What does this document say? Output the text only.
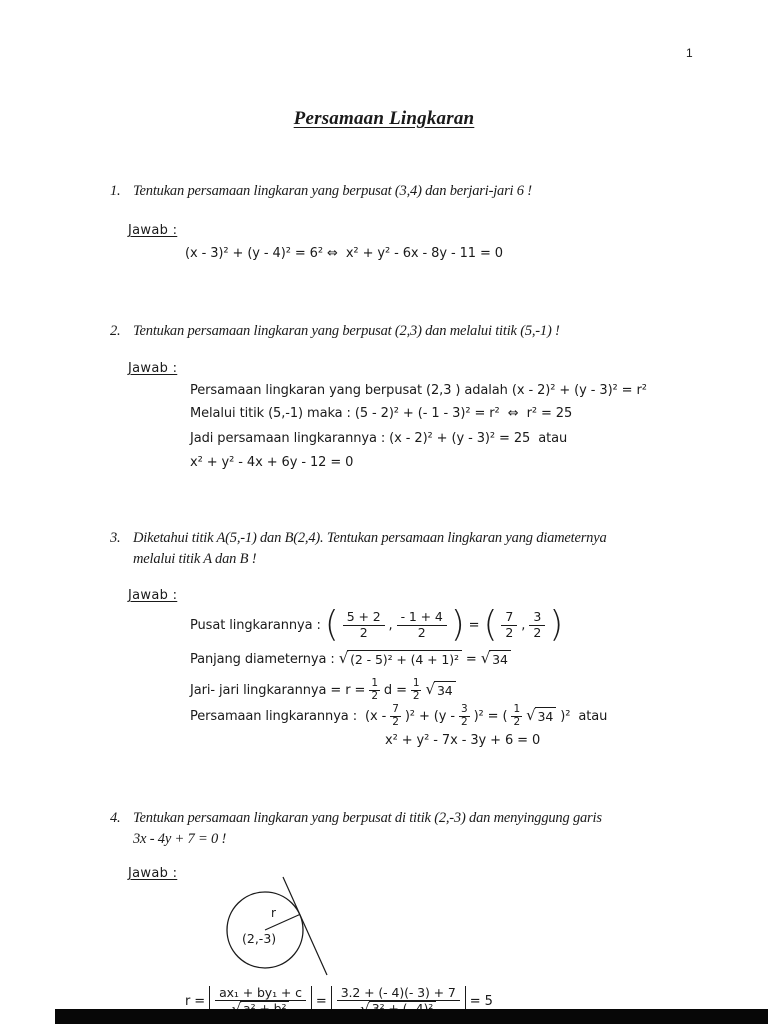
1
Persamaan Lingkaran
1. Tentukan persamaan lingkaran yang berpusat (3,4) dan berjari-jari 6 !
Jawab :
(x - 3)² + (y - 4)² = 6² ⇔  x² + y² - 6x - 8y - 11 = 0
2. Tentukan persamaan lingkaran yang berpusat (2,3) dan melalui titik (5,-1) !
Jawab :
Persamaan lingkaran yang berpusat (2,3 ) adalah (x - 2)² + (y - 3)² = r²
Melalui titik (5,-1) maka : (5 - 2)² + (- 1 - 3)² = r²  ⇔  r² = 25
Jadi persamaan lingkarannya : (x - 2)² + (y - 3)² = 25  atau
x² + y² - 4x + 6y - 12 = 0
3. Diketahui titik A(5,-1) dan B(2,4). Tentukan persamaan lingkaran yang diameternya
melalui titik A dan B !
Jawab :
Pusat lingkarannya : ( $\frac{5 + 2}{2}$ , $\frac{- 1 + 4}{2}$ ) = ( $\frac{7}{2}$ , $\frac{3}{2}$ )
Panjang diameternya : √ (2 - 5)² + (4 + 1)² = √ 34
Jari- jari lingkarannya = $r = \frac{1}{2}$ $d = \frac{1}{2}$ √ 34
Persamaan lingkarannya :  $(x - \frac{7}{2} )^2 + (y - \frac{3}{2} )^2$ = ( $\frac{1}{2}$ √ 34 )²  atau
x² + y² - 7x - 3y + 6 = 0
4. Tentukan persamaan lingkaran yang berpusat di titik (2,-3) dan menyinggung garis
3x - 4y + 7 = 0 !
Jawab :
r
(2,-3)
r =
ax₁ + by₁ + c
=
3.2 + (- 4)(- 3) + 7
= 5
